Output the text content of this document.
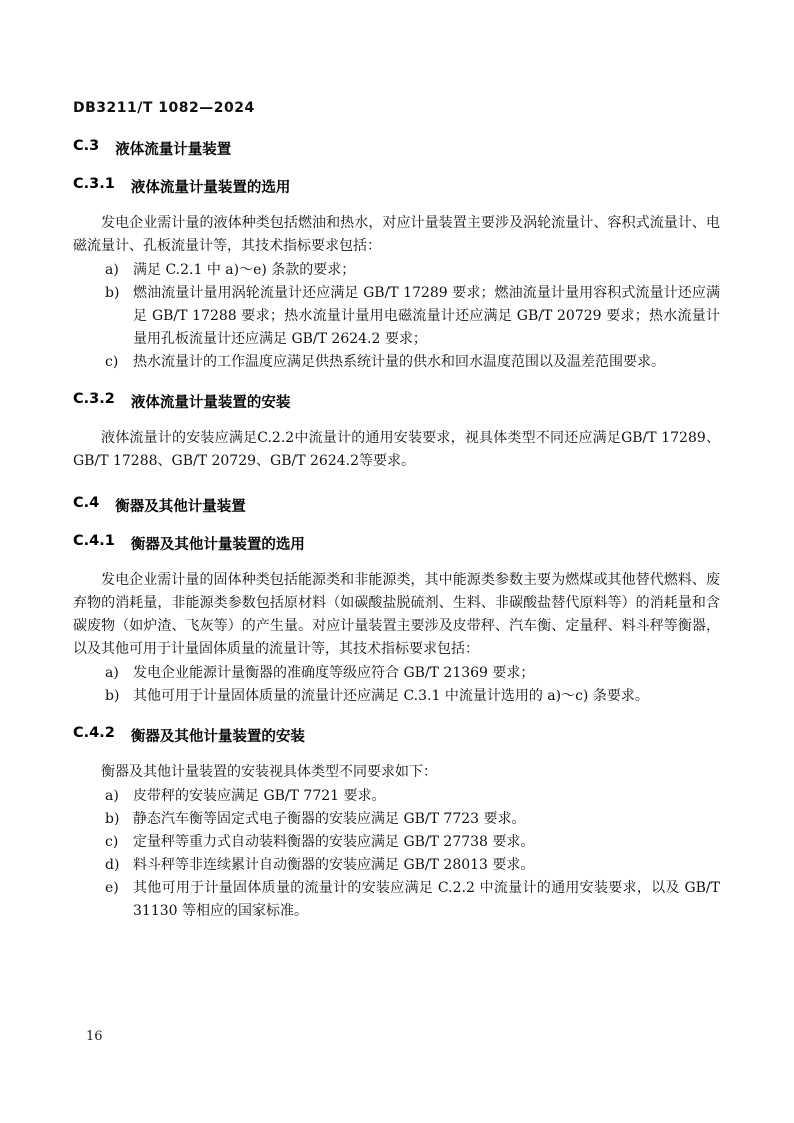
DB3211/T 1082—2024
C.3 液体流量计量装置
C.3.1 液体流量计量装置的选用

发电企业需计量的液体种类包括燃油和热水，对应计量装置主要涉及涡轮流量计、容积式流量计、电磁流量计、孔板流量计等，其技术指标要求包括：

a)	满足 C.2.1 中 a)～e) 条款的要求；
b) 燃油流量计量用涡轮流量计还应满足 GB/T 17289 要求；燃油流量计量用容积式流量计还应满足 GB/T 17288 要求；热水流量计量用电磁流量计还应满足 GB/T 20729 要求；热水流量计量用孔板流量计还应满足 GB/T 2624.2 要求；
c)	热水流量计的工作温度应满足供热系统计量的供水和回水温度范围以及温差范围要求。
C.3.2 液体流量计量装置的安装

液体流量计的安装应满足C.2.2中流量计的通用安装要求，视具体类型不同还应满足GB/T 17289、GB/T 17288、GB/T 20729、GB/T 2624.2等要求。

C.4 衡器及其他计量装置
C.4.1 衡器及其他计量装置的选用

发电企业需计量的固体种类包括能源类和非能源类，其中能源类参数主要为燃煤或其他替代燃料、废弃物的消耗量，非能源类参数包括原材料（如碳酸盐脱硫剂、生料、非碳酸盐替代原料等）的消耗量和含碳废物（如炉渣、飞灰等）的产生量。对应计量装置主要涉及皮带秤、汽车衡、定量秤、料斗秤等衡器，以及其他可用于计量固体质量的流量计等，其技术指标要求包括：

a)	发电企业能源计量衡器的准确度等级应符合 GB/T 21369 要求；
b) 其他可用于计量固体质量的流量计还应满足 C.3.1 中流量计选用的 a)～c) 条要求。
C.4.2 衡器及其他计量装置的安装

衡器及其他计量装置的安装视具体类型不同要求如下：

a)	皮带秤的安装应满足 GB/T 7721 要求。
b) 静态汽车衡等固定式电子衡器的安装应满足 GB/T 7723 要求。
c)	定量秤等重力式自动装料衡器的安装应满足 GB/T 27738 要求。
d) 料斗秤等非连续累计自动衡器的安装应满足 GB/T 28013 要求。
e)	其他可用于计量固体质量的流量计的安装应满足 C.2.2 中流量计的通用安装要求，以及 GB/T 31130 等相应的国家标准。
16
